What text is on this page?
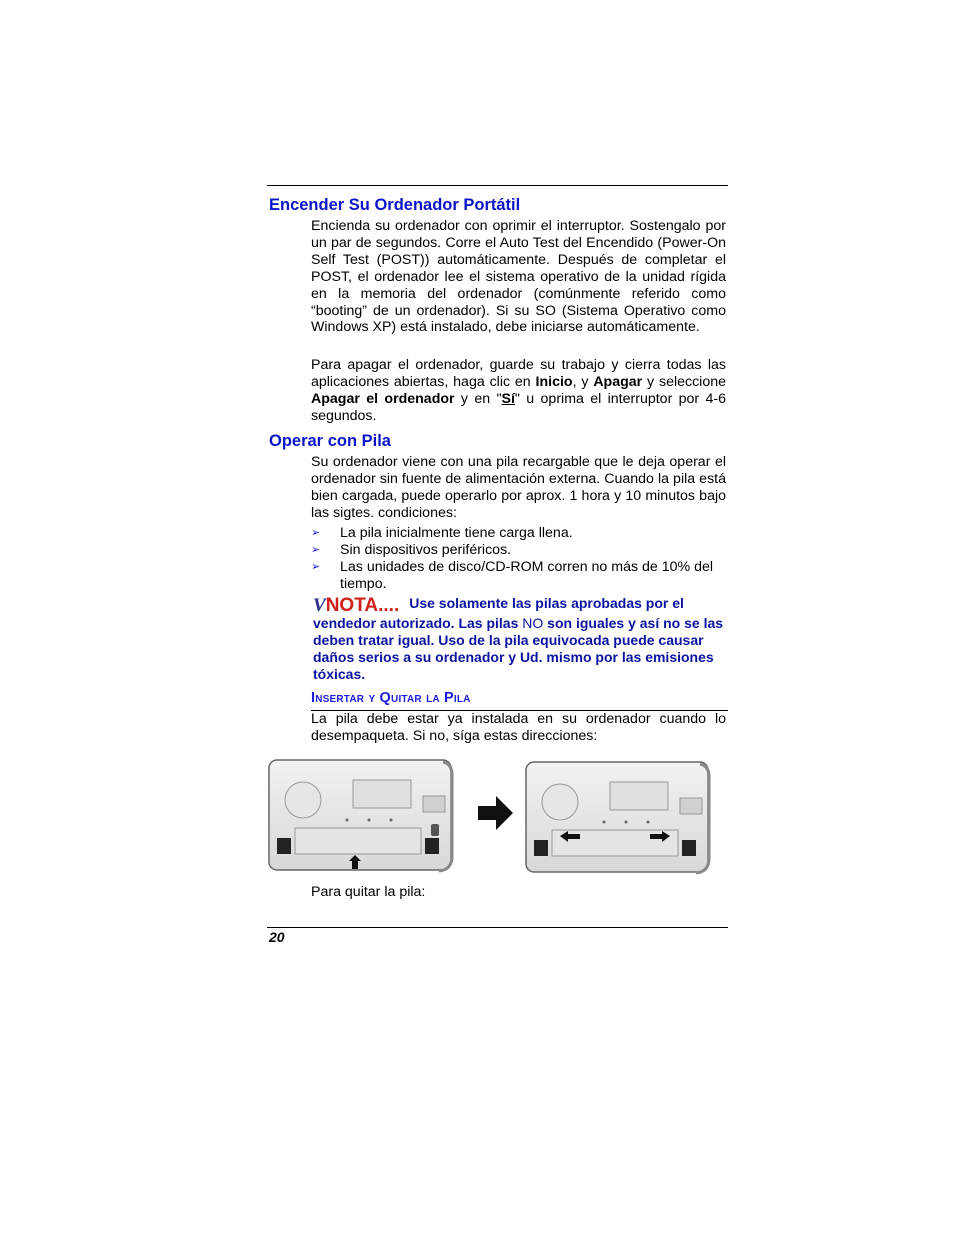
Encender Su Ordenador Portátil

Encienda su ordenador con oprimir el interruptor. Sostengalo por un par de segundos. Corre el Auto Test del Encendido (Power-On Self Test (POST)) automáticamente. Después de completar el POST, el ordenador lee el sistema operativo de la unidad rígida en la memoria del ordenador (comúnmente referido como “booting” de un ordenador). Si su SO (Sistema Operativo como Windows XP) está instalado, debe iniciarse automáticamente.

Para apagar el ordenador, guarde su trabajo y cierra todas las aplicaciones abiertas, haga clic en Inicio, y Apagar y seleccione Apagar el ordenador y en "Sí" u oprima el interruptor por 4-6 segundos.

Operar con Pila

Su ordenador viene con una pila recargable que le deja operar el ordenador sin fuente de alimentación externa. Cuando la pila está bien cargada, puede operarlo por aprox. 1 hora y 10 minutos bajo las sigtes. condiciones:

➢ La pila inicialmente tiene carga llena.
➢ Sin dispositivos periféricos.
➢ Las unidades de disco/CD-ROM corren no más de 10% del tiempo.

VNOTA.... Use solamente las pilas aprobadas por el vendedor autorizado. Las pilas NO son iguales y así no se las deben tratar igual. Uso de la pila equivocada puede causar daños serios a su ordenador y Ud. mismo por las emisiones tóxicas.

Insertar y Quitar la Pila

La pila debe estar ya instalada en su ordenador cuando lo desempaqueta. Si no, síga estas direcciones:

Para quitar la pila:

20
